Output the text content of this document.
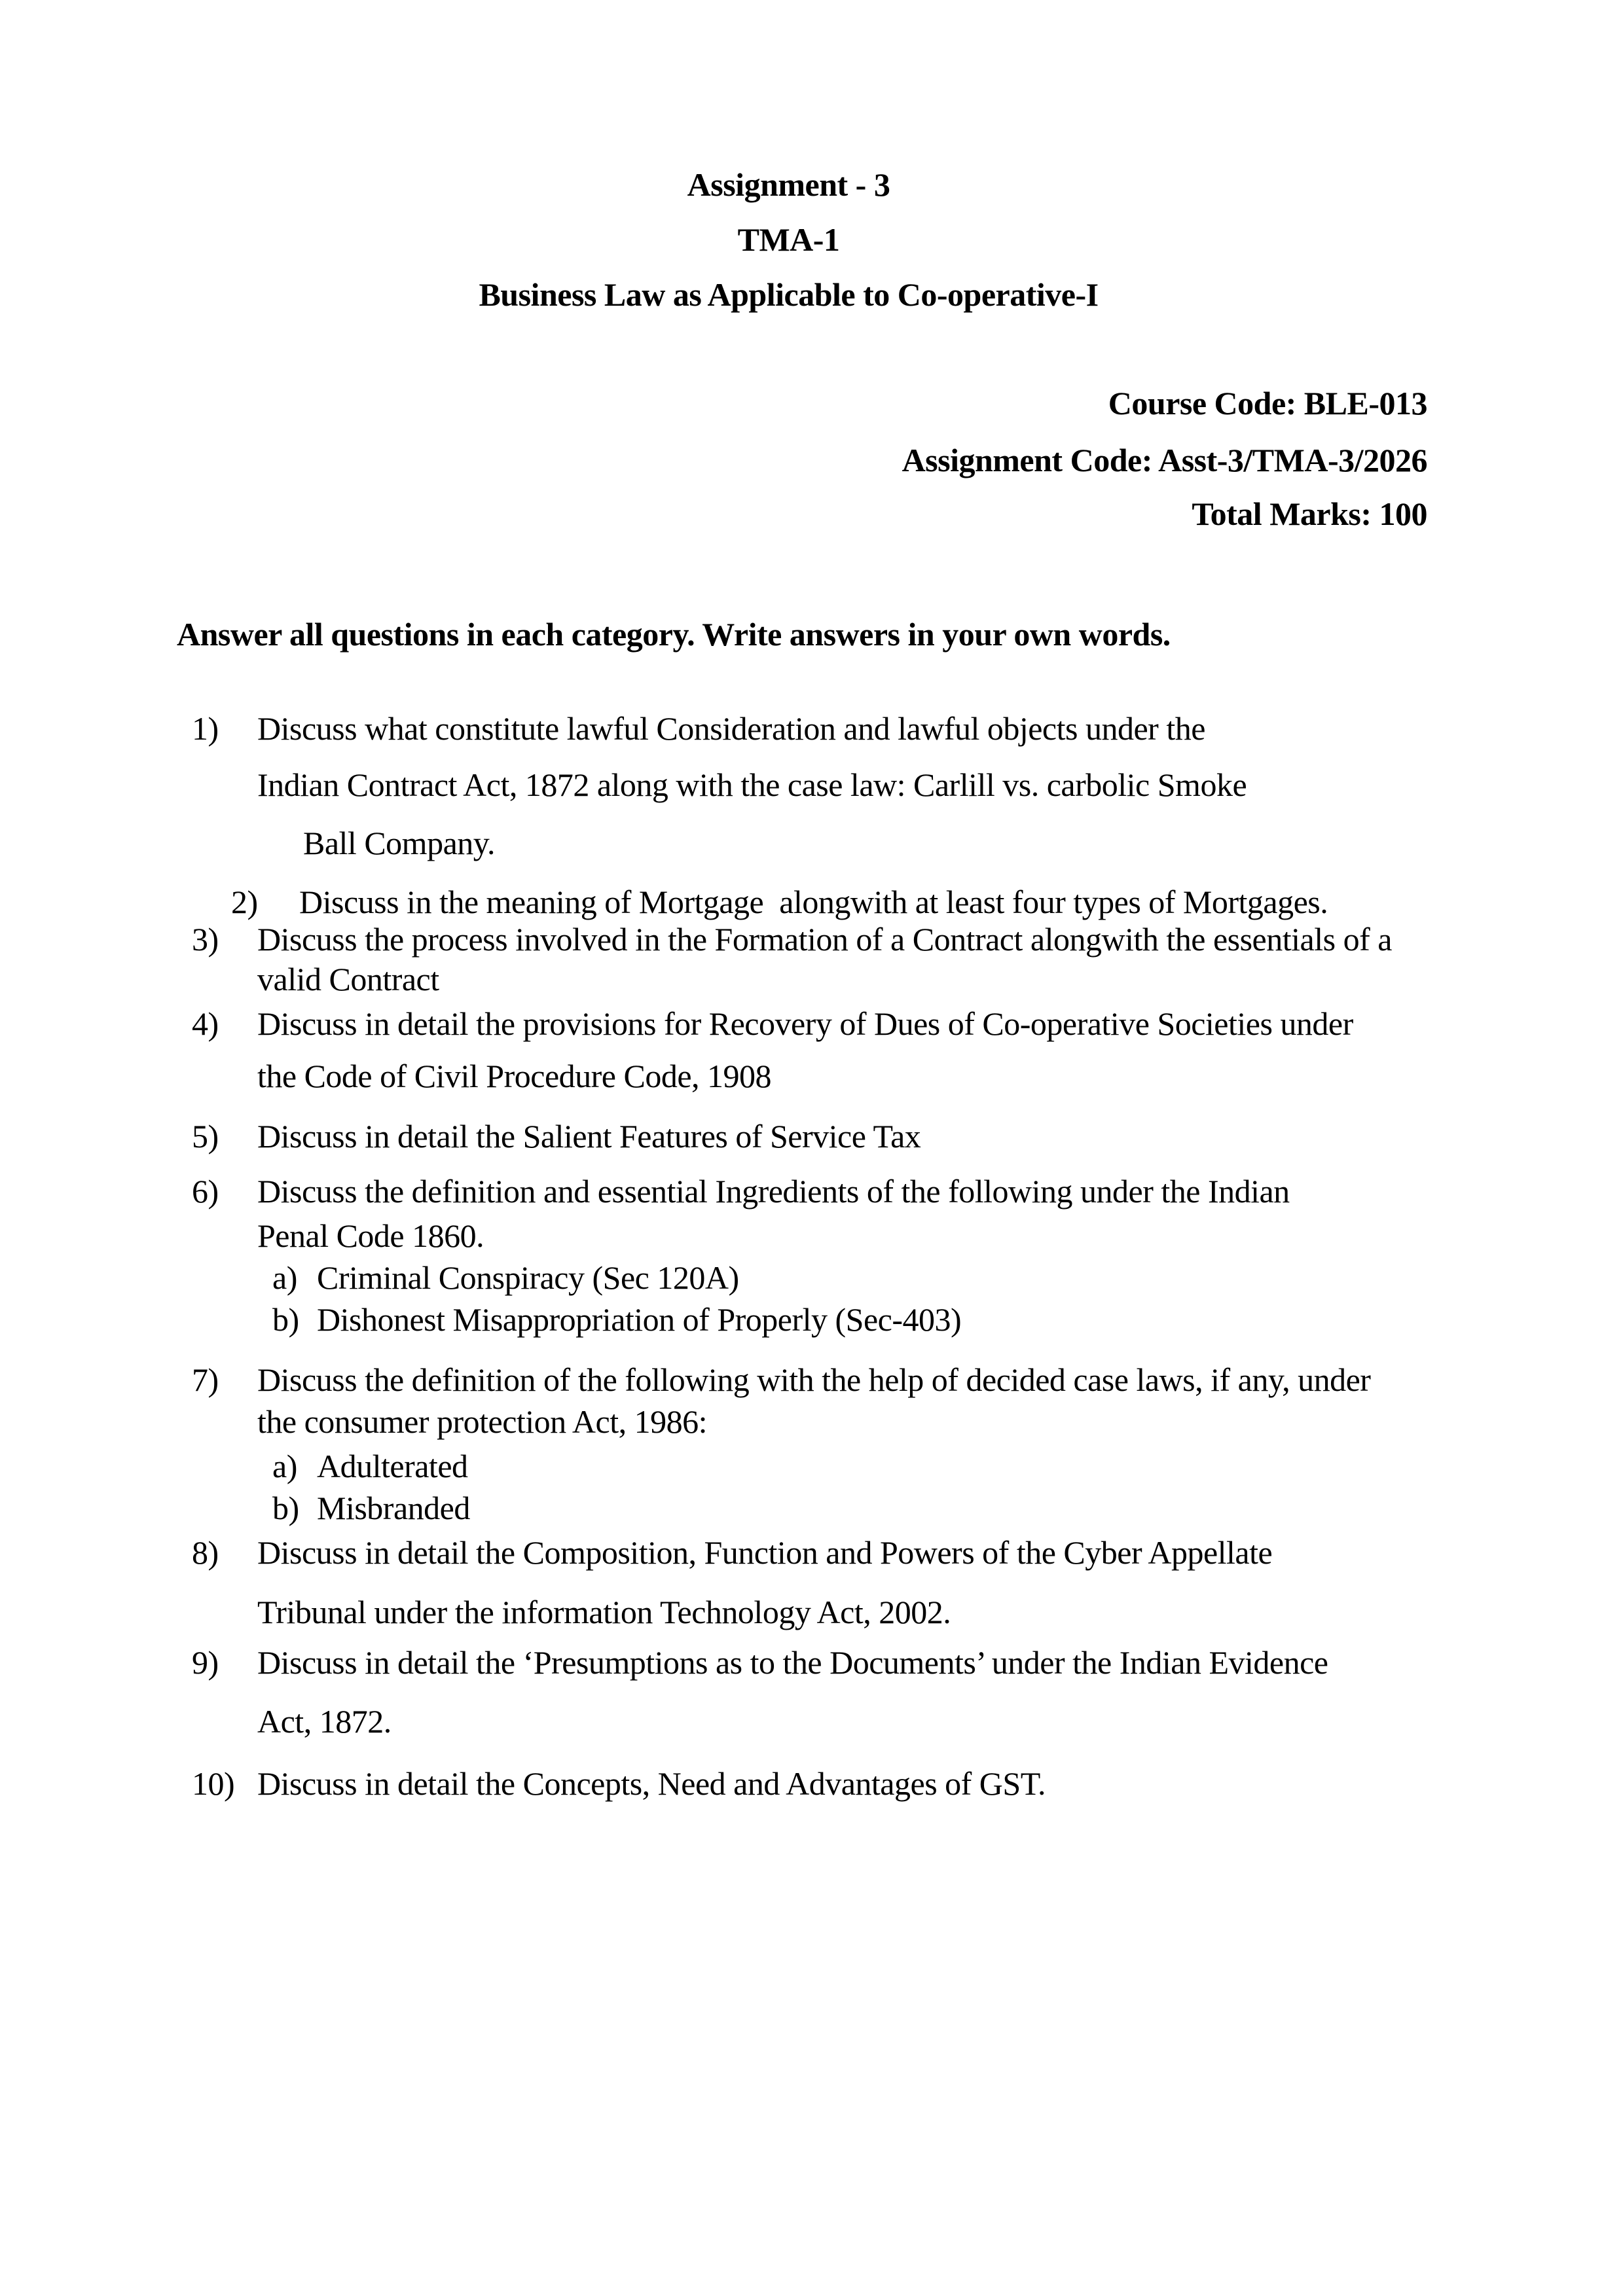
Assignment - 3
TMA-1
Business Law as Applicable to Co-operative-I
Course Code: BLE-013
Assignment Code: Asst-3/TMA-3/2026
Total Marks: 100
Answer all questions in each category. Write answers in your own words.
1) Discuss what constitute lawful Consideration and lawful objects under the
Indian Contract Act, 1872 along with the case law: Carlill vs. carbolic Smoke
Ball Company.
2) Discuss in the meaning of Mortgage  alongwith at least four types of Mortgages.
3) Discuss the process involved in the Formation of a Contract alongwith the essentials of a
valid Contract
4) Discuss in detail the provisions for Recovery of Dues of Co-operative Societies under
the Code of Civil Procedure Code, 1908
5) Discuss in detail the Salient Features of Service Tax
6) Discuss the definition and essential Ingredients of the following under the Indian
Penal Code 1860.
a) Criminal Conspiracy (Sec 120A)
b) Dishonest Misappropriation of Properly (Sec-403)
7) Discuss the definition of the following with the help of decided case laws, if any, under
the consumer protection Act, 1986:
a) Adulterated
b) Misbranded
8) Discuss in detail the Composition, Function and Powers of the Cyber Appellate
Tribunal under the information Technology Act, 2002.
9) Discuss in detail the ‘Presumptions as to the Documents’ under the Indian Evidence
Act, 1872.
10) Discuss in detail the Concepts, Need and Advantages of GST.
